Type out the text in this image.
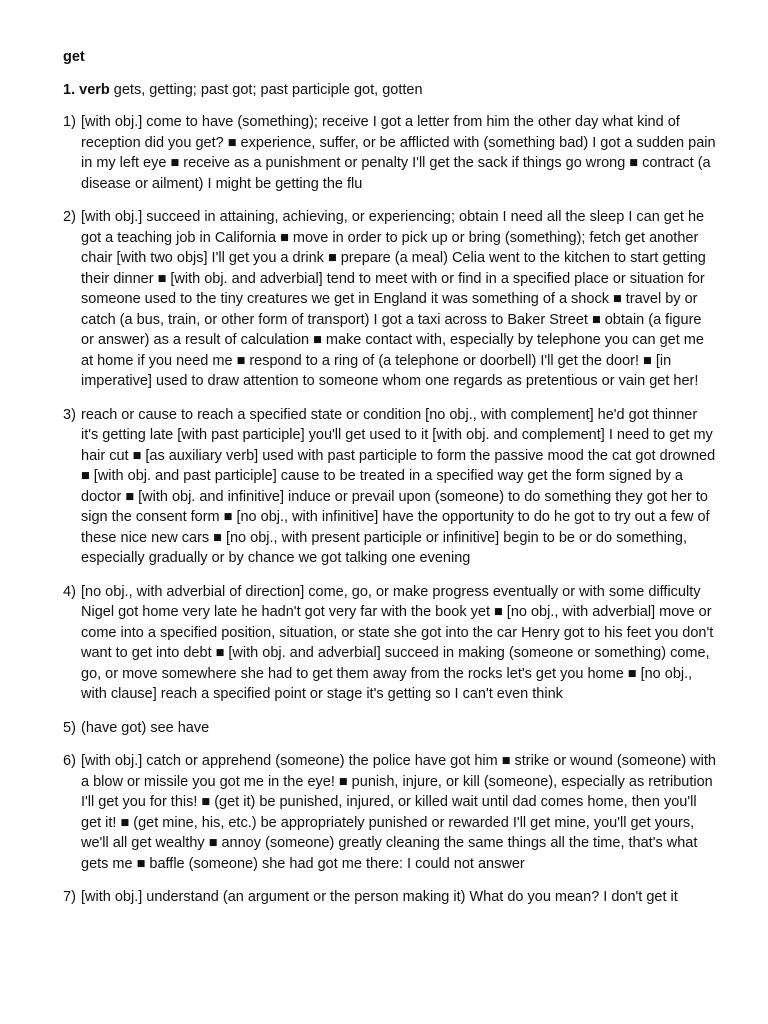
get
1. verb gets, getting; past got; past participle got, gotten
1) [with obj.] come to have (something); receive I got a letter from him the other day what kind of reception did you get? ■ experience, suffer, or be afflicted with (something bad) I got a sudden pain in my left eye ■ receive as a punishment or penalty I'll get the sack if things go wrong ■ contract (a disease or ailment) I might be getting the flu
2) [with obj.] succeed in attaining, achieving, or experiencing; obtain I need all the sleep I can get he got a teaching job in California ■ move in order to pick up or bring (something); fetch get another chair [with two objs] I'll get you a drink ■ prepare (a meal) Celia went to the kitchen to start getting their dinner ■ [with obj. and adverbial] tend to meet with or find in a specified place or situation for someone used to the tiny creatures we get in England it was something of a shock ■ travel by or catch (a bus, train, or other form of transport) I got a taxi across to Baker Street ■ obtain (a figure or answer) as a result of calculation ■ make contact with, especially by telephone you can get me at home if you need me ■ respond to a ring of (a telephone or doorbell) I'll get the door! ■ [in imperative] used to draw attention to someone whom one regards as pretentious or vain get her!
3) reach or cause to reach a specified state or condition [no obj., with complement] he'd got thinner it's getting late [with past participle] you'll get used to it [with obj. and complement] I need to get my hair cut ■ [as auxiliary verb] used with past participle to form the passive mood the cat got drowned ■ [with obj. and past participle] cause to be treated in a specified way get the form signed by a doctor ■ [with obj. and infinitive] induce or prevail upon (someone) to do something they got her to sign the consent form ■ [no obj., with infinitive] have the opportunity to do he got to try out a few of these nice new cars ■ [no obj., with present participle or infinitive] begin to be or do something, especially gradually or by chance we got talking one evening
4) [no obj., with adverbial of direction] come, go, or make progress eventually or with some difficulty Nigel got home very late he hadn't got very far with the book yet ■ [no obj., with adverbial] move or come into a specified position, situation, or state she got into the car Henry got to his feet you don't want to get into debt ■ [with obj. and adverbial] succeed in making (someone or something) come, go, or move somewhere she had to get them away from the rocks let's get you home ■ [no obj., with clause] reach a specified point or stage it's getting so I can't even think
5) (have got) see have
6) [with obj.] catch or apprehend (someone) the police have got him ■ strike or wound (someone) with a blow or missile you got me in the eye! ■ punish, injure, or kill (someone), especially as retribution I'll get you for this! ■ (get it) be punished, injured, or killed wait until dad comes home, then you'll get it! ■ (get mine, his, etc.) be appropriately punished or rewarded I'll get mine, you'll get yours, we'll all get wealthy ■ annoy (someone) greatly cleaning the same things all the time, that's what gets me ■ baffle (someone) she had got me there: I could not answer
7) [with obj.] understand (an argument or the person making it) What do you mean? I don't get it
